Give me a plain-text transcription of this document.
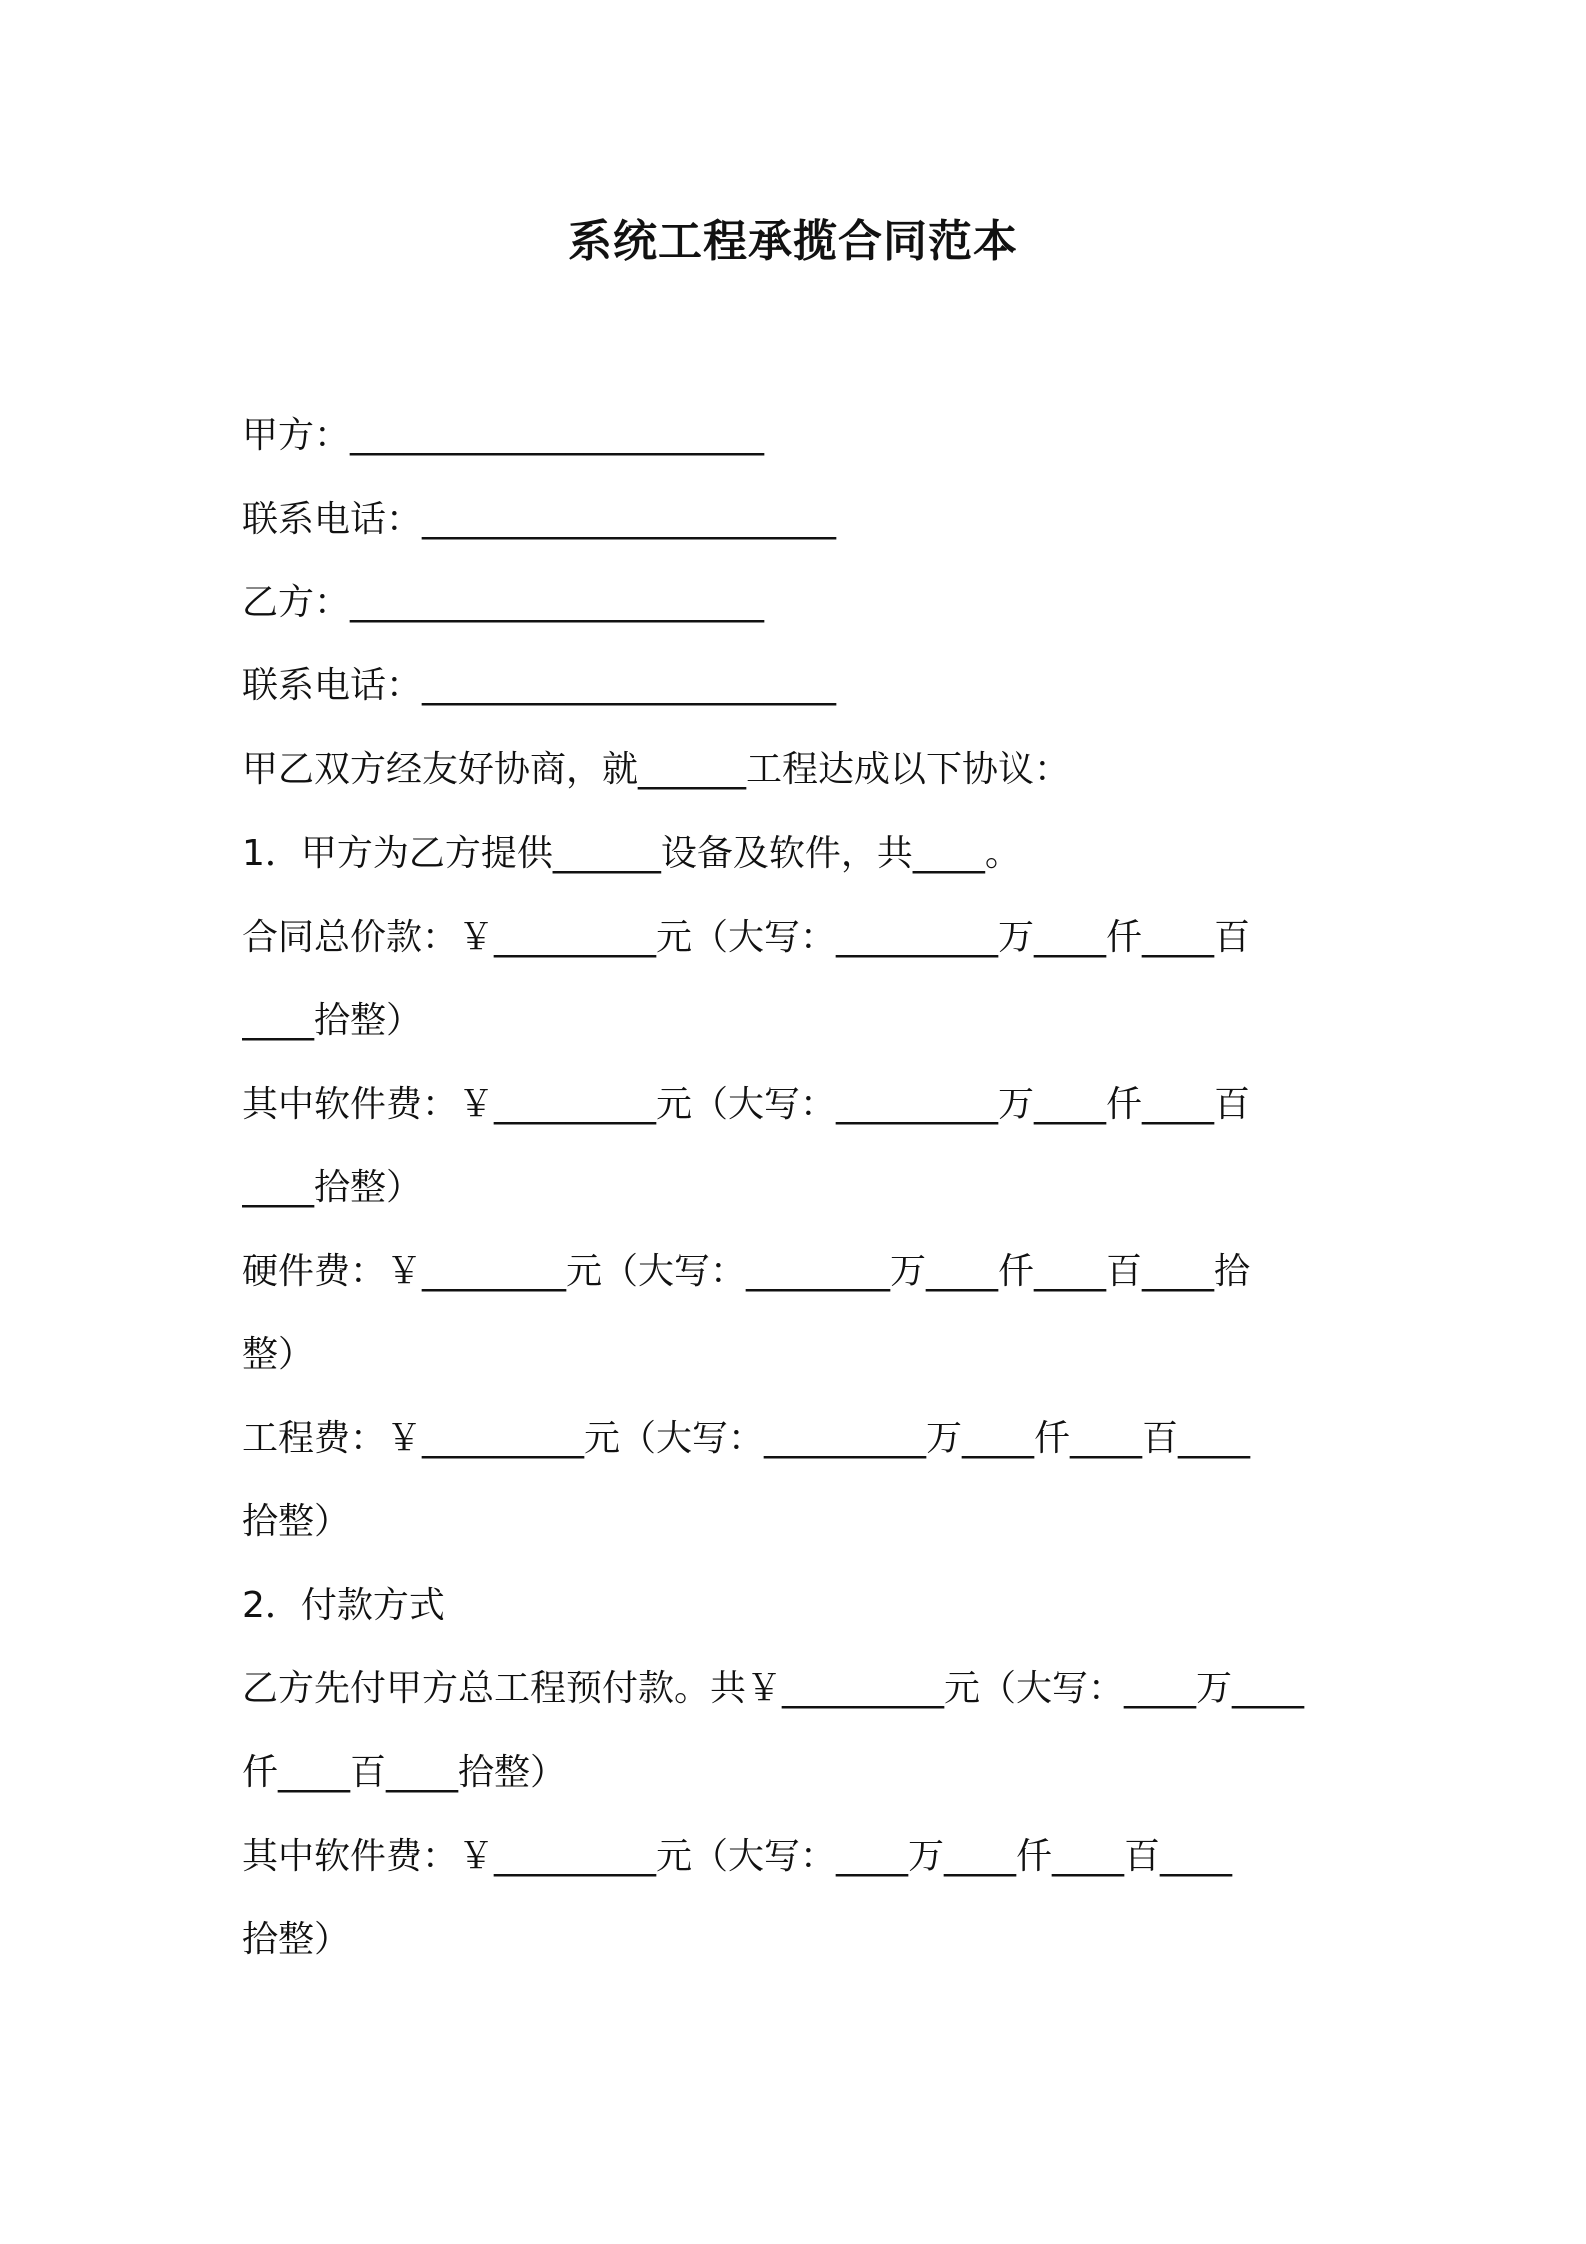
系统工程承揽合同范本
甲方：_______________________
联系电话：_______________________
乙方：_______________________
联系电话：_______________________
甲乙双方经友好协商，就______工程达成以下协议：
1．甲方为乙方提供______设备及软件，共____。
合同总价款：￥_________元（大写：_________万____仟____百
____拾整）
其中软件费：￥_________元（大写：_________万____仟____百
____拾整）
硬件费：￥________元（大写：________万____仟____百____拾
整）
工程费：￥_________元（大写：_________万____仟____百____
拾整）
2．付款方式
乙方先付甲方总工程预付款。共￥_________元（大写：____万____
仟____百____拾整）
其中软件费：￥_________元（大写：____万____仟____百____
拾整）
